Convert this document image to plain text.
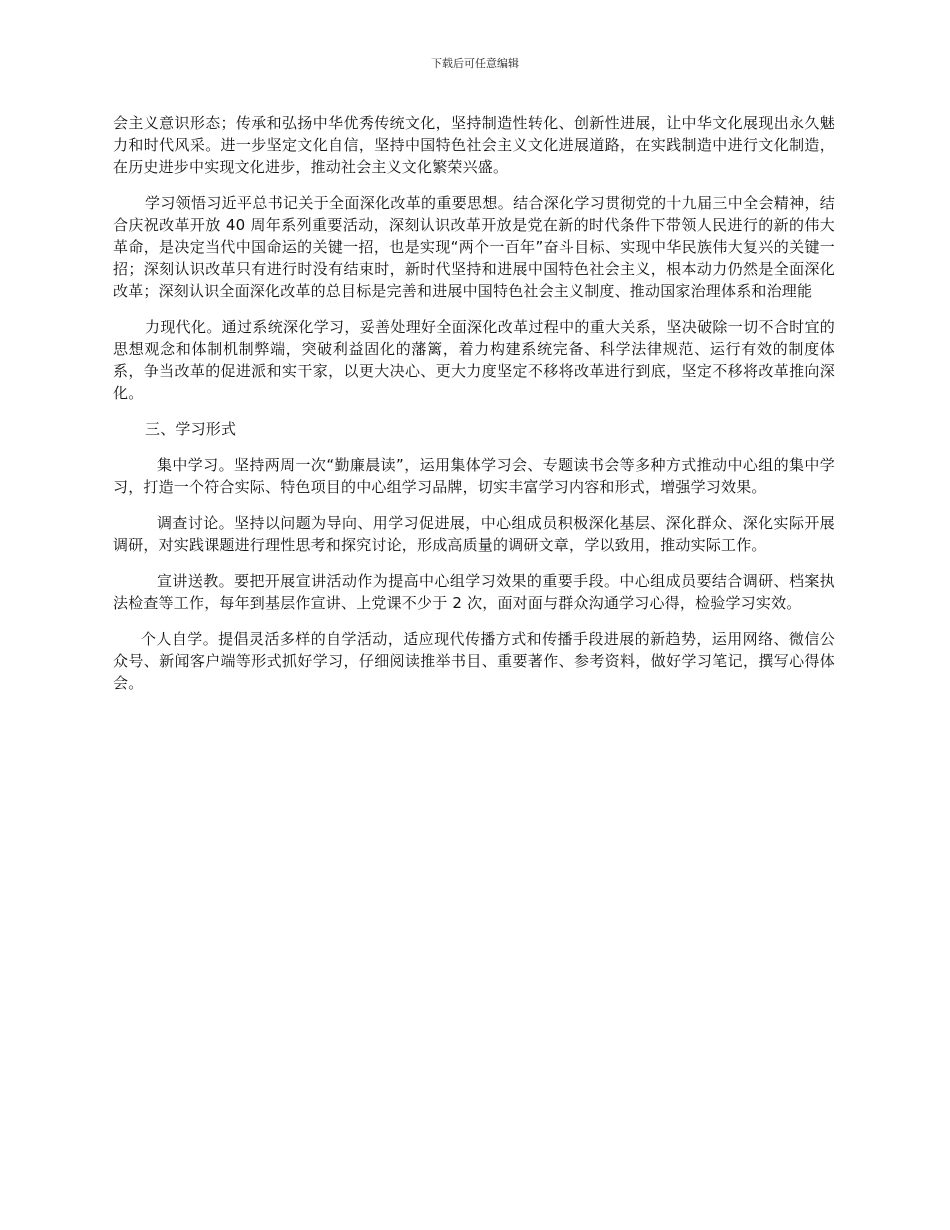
下载后可任意编辑

会主义意识形态；传承和弘扬中华优秀传统文化，坚持制造性转化、创新性进展，让中华文化展现出永久魅力和时代风采。进一步坚定文化自信，坚持中国特色社会主义文化进展道路，在实践制造中进行文化制造，在历史进步中实现文化进步，推动社会主义文化繁荣兴盛。

学习领悟习近平总书记关于全面深化改革的重要思想。结合深化学习贯彻党的十九届三中全会精神，结合庆祝改革开放 40 周年系列重要活动，深刻认识改革开放是党在新的时代条件下带领人民进行的新的伟大革命，是决定当代中国命运的关键一招，也是实现“两个一百年”奋斗目标、实现中华民族伟大复兴的关键一招；深刻认识改革只有进行时没有结束时，新时代坚持和进展中国特色社会主义，根本动力仍然是全面深化改革；深刻认识全面深化改革的总目标是完善和进展中国特色社会主义制度、推动国家治理体系和治理能

力现代化。通过系统深化学习，妥善处理好全面深化改革过程中的重大关系，坚决破除一切不合时宜的思想观念和体制机制弊端，突破利益固化的藩篱，着力构建系统完备、科学法律规范、运行有效的制度体系，争当改革的促进派和实干家，以更大决心、更大力度坚定不移将改革进行到底，坚定不移将改革推向深化。

三、学习形式

集中学习。坚持两周一次“勤廉晨读”，运用集体学习会、专题读书会等多种方式推动中心组的集中学习，打造一个符合实际、特色项目的中心组学习品牌，切实丰富学习内容和形式，增强学习效果。

调查讨论。坚持以问题为导向、用学习促进展，中心组成员积极深化基层、深化群众、深化实际开展调研，对实践课题进行理性思考和探究讨论，形成高质量的调研文章，学以致用，推动实际工作。

宣讲送教。要把开展宣讲活动作为提高中心组学习效果的重要手段。中心组成员要结合调研、档案执法检查等工作，每年到基层作宣讲、上党课不少于 2 次，面对面与群众沟通学习心得，检验学习实效。

个人自学。提倡灵活多样的自学活动，适应现代传播方式和传播手段进展的新趋势，运用网络、微信公众号、新闻客户端等形式抓好学习，仔细阅读推举书目、重要著作、参考资料，做好学习笔记，撰写心得体会。
